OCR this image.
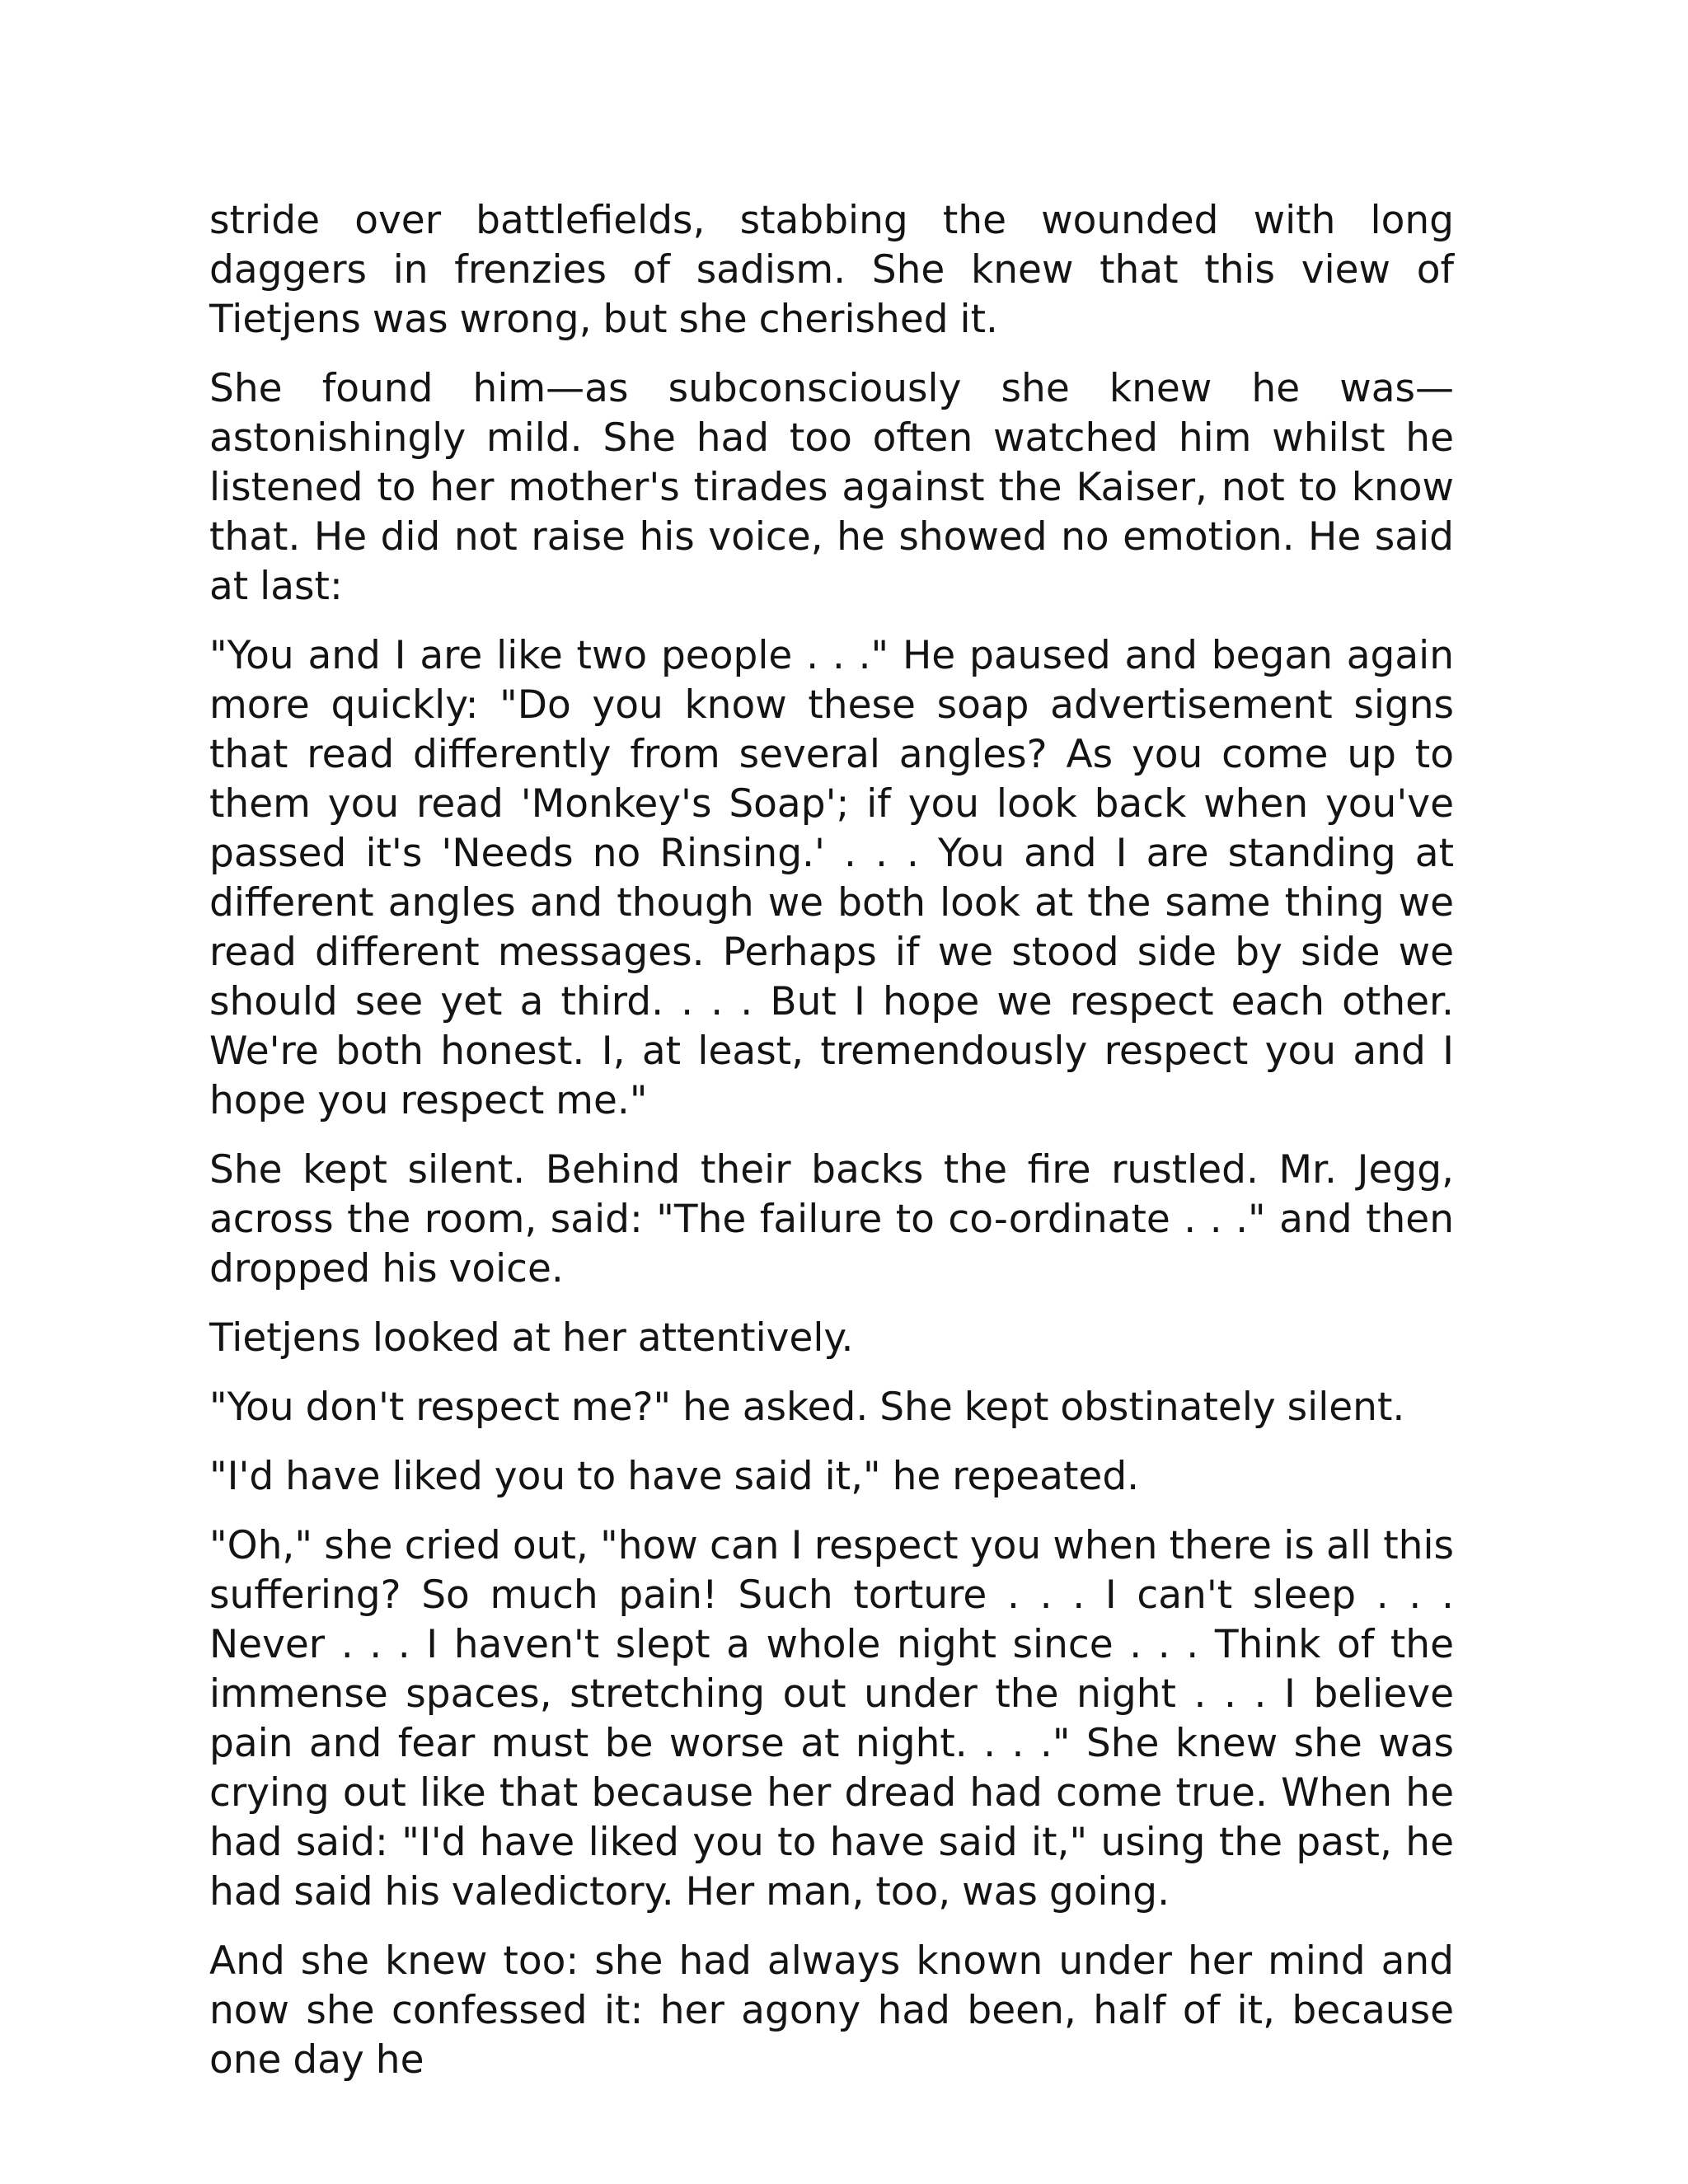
stride over battlefields, stabbing the wounded with long daggers in frenzies of sadism. She knew that this view of Tietjens was wrong, but she cherished it.

She found him—as subconsciously she knew he was—astonishingly mild. She had too often watched him whilst he listened to her mother's tirades against the Kaiser, not to know that. He did not raise his voice, he showed no emotion. He said at last:

"You and I are like two people . . ." He paused and began again more quickly: "Do you know these soap advertisement signs that read differently from several angles? As you come up to them you read 'Monkey's Soap'; if you look back when you've passed it's 'Needs no Rinsing.' . . . You and I are standing at different angles and though we both look at the same thing we read different messages. Perhaps if we stood side by side we should see yet a third. . . . But I hope we respect each other. We're both honest. I, at least, tremendously respect you and I hope you respect me."

She kept silent. Behind their backs the fire rustled. Mr. Jegg, across the room, said: "The failure to co-ordinate . . ." and then dropped his voice.

Tietjens looked at her attentively.

"You don't respect me?" he asked. She kept obstinately silent.

"I'd have liked you to have said it," he repeated.

"Oh," she cried out, "how can I respect you when there is all this suffering? So much pain! Such torture . . . I can't sleep . . . Never . . . I haven't slept a whole night since . . . Think of the immense spaces, stretching out under the night . . . I believe pain and fear must be worse at night. . . ." She knew she was crying out like that because her dread had come true. When he had said: "I'd have liked you to have said it," using the past, he had said his valedictory. Her man, too, was going.

And she knew too: she had always known under her mind and now she confessed it: her agony had been, half of it, because one day he
